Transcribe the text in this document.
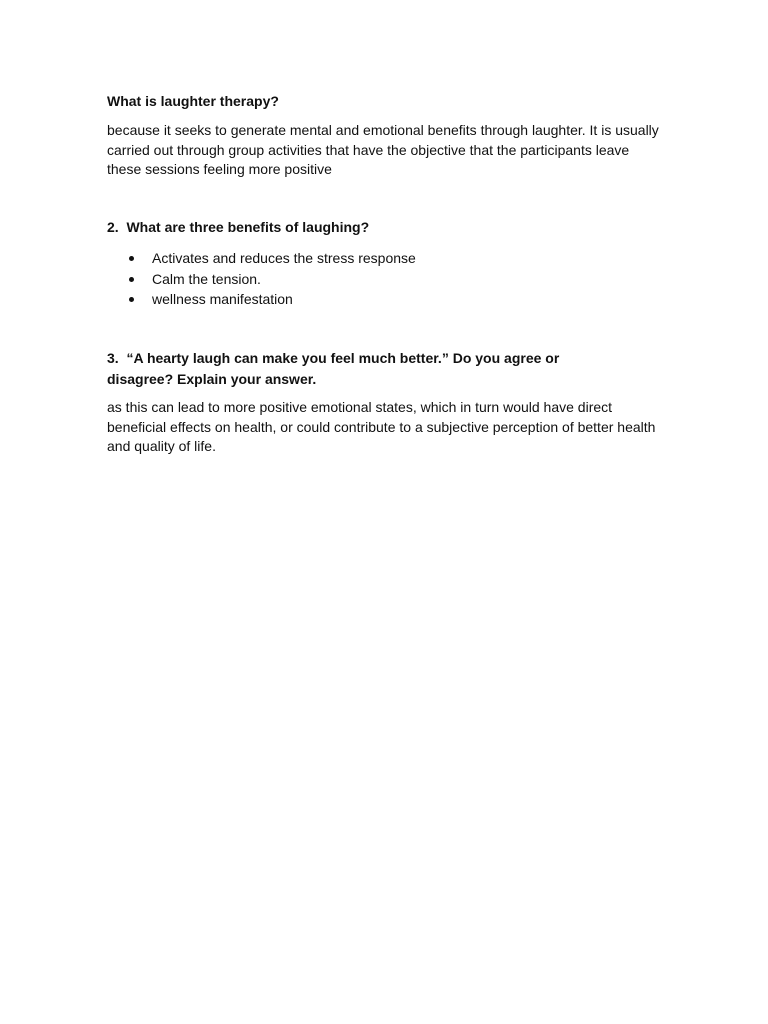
What is laughter therapy?

because it seeks to generate mental and emotional benefits through laughter. It is usually carried out through group activities that have the objective that the participants leave these sessions feeling more positive

2. What are three benefits of laughing?
Activates and reduces the stress response
Calm the tension.
wellness manifestation
3. “A hearty laugh can make you feel much better.” Do you agree or
disagree? Explain your answer.

as this can lead to more positive emotional states, which in turn would have direct beneficial effects on health, or could contribute to a subjective perception of better health and quality of life.
